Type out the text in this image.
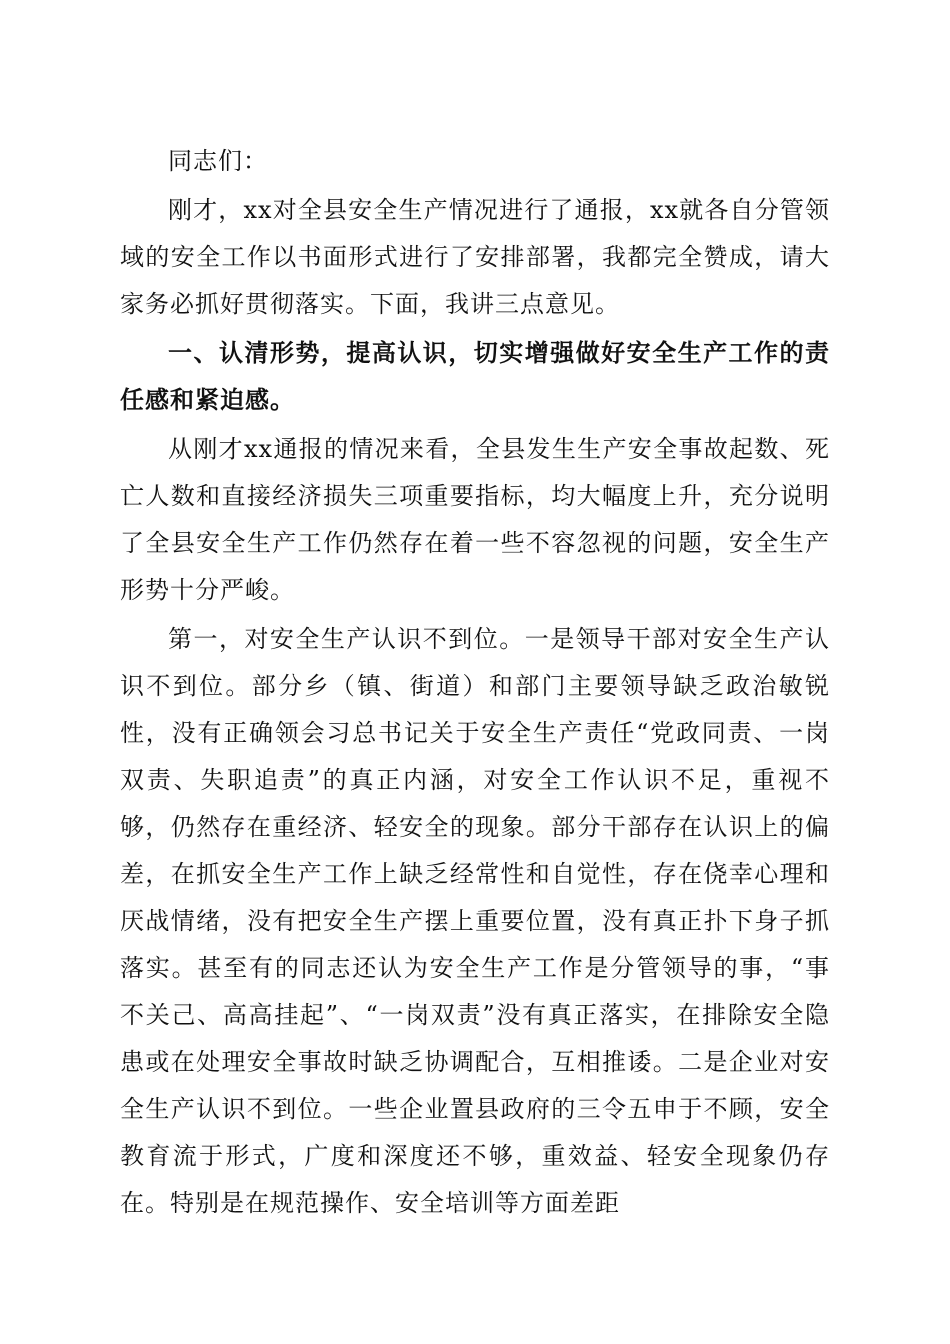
同志们：

刚才，xx对全县安全生产情况进行了通报，xx就各自分管领域的安全工作以书面形式进行了安排部署，我都完全赞成，请大家务必抓好贯彻落实。下面，我讲三点意见。

一、认清形势，提高认识，切实增强做好安全生产工作的责任感和紧迫感。

从刚才xx通报的情况来看，全县发生生产安全事故起数、死亡人数和直接经济损失三项重要指标，均大幅度上升，充分说明了全县安全生产工作仍然存在着一些不容忽视的问题，安全生产形势十分严峻。

第一，对安全生产认识不到位。一是领导干部对安全生产认识不到位。部分乡（镇、街道）和部门主要领导缺乏政治敏锐性，没有正确领会习总书记关于安全生产责任“党政同责、一岗双责、失职追责”的真正内涵，对安全工作认识不足，重视不够，仍然存在重经济、轻安全的现象。部分干部存在认识上的偏差，在抓安全生产工作上缺乏经常性和自觉性，存在侥幸心理和厌战情绪，没有把安全生产摆上重要位置，没有真正扑下身子抓落实。甚至有的同志还认为安全生产工作是分管领导的事，“事不关己、高高挂起”、“一岗双责”没有真正落实，在排除安全隐患或在处理安全事故时缺乏协调配合，互相推诿。二是企业对安全生产认识不到位。一些企业置县政府的三令五申于不顾，安全教育流于形式，广度和深度还不够，重效益、轻安全现象仍存在。特别是在规范操作、安全培训等方面差距
